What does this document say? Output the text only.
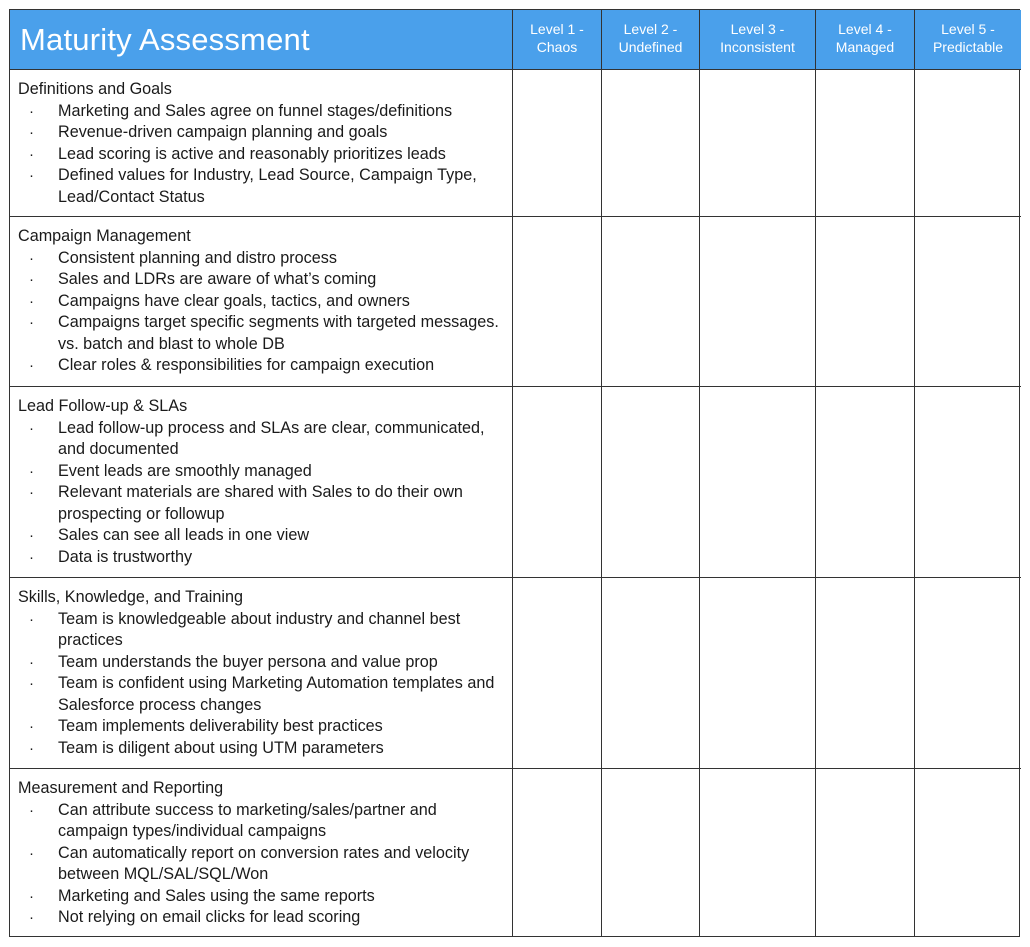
Maturity Assessment	Level 1 -
Chaos
Level 2 -
Undefined
Level 3 -
Inconsistent
Level 4 -
Managed
Level 5 -
Predictable
Definitions and Goals
· Marketing and Sales agree on funnel stages/definitions
· Revenue-driven campaign planning and goals
· Lead scoring is active and reasonably prioritizes leads
· Defined values for Industry, Lead Source, Campaign Type, Lead/Contact Status
Campaign Management
· Consistent planning and distro process
· Sales and LDRs are aware of what’s coming
· Campaigns have clear goals, tactics, and owners
· Campaigns target specific segments with targeted messages. vs. batch and blast to whole DB
· Clear roles & responsibilities for campaign execution
Lead Follow-up & SLAs
· Lead follow-up process and SLAs are clear, communicated, and documented
· Event leads are smoothly managed
· Relevant materials are shared with Sales to do their own prospecting or followup
· Sales can see all leads in one view
· Data is trustworthy
Skills, Knowledge, and Training
· Team is knowledgeable about industry and channel best practices
· Team understands the buyer persona and value prop
· Team is confident using Marketing Automation templates and Salesforce process changes
· Team implements deliverability best practices
· Team is diligent about using UTM parameters
Measurement and Reporting
· Can attribute success to marketing/sales/partner and campaign types/individual campaigns
· Can automatically report on conversion rates and velocity between MQL/SAL/SQL/Won
· Marketing and Sales using the same reports
· Not relying on email clicks for lead scoring
